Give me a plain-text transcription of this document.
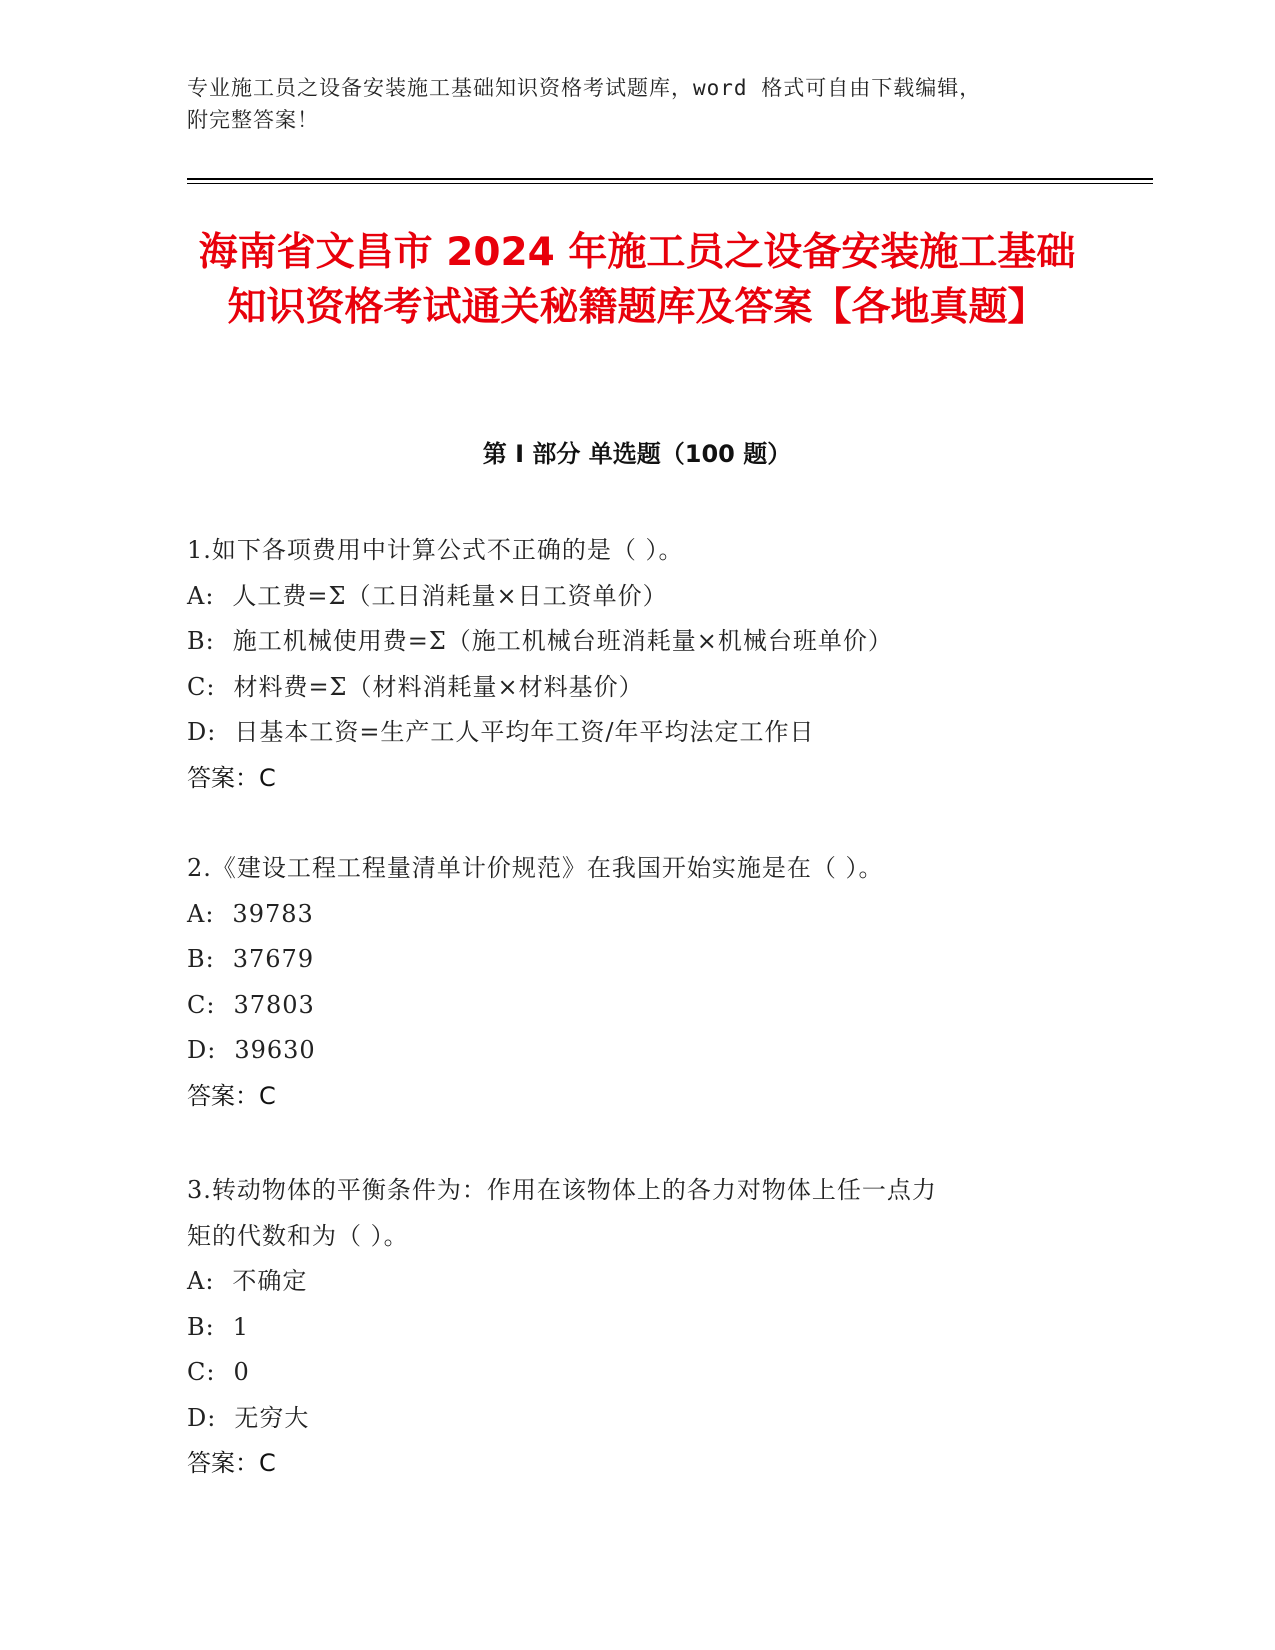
专业施工员之设备安装施工基础知识资格考试题库，word 格式可自由下载编辑，
附完整答案！
海南省文昌市 2024 年施工员之设备安装施工基础知识资格考试通关秘籍题库及答案【各地真题】
第 I 部分 单选题（100 题）

1.如下各项费用中计算公式不正确的是（ ）。

A: 人工费=Σ（工日消耗量×日工资单价）

B: 施工机械使用费=Σ（施工机械台班消耗量×机械台班单价）

C: 材料费=Σ（材料消耗量×材料基价）

D: 日基本工资=生产工人平均年工资/年平均法定工作日

答案：C

2.《建设工程工程量清单计价规范》在我国开始实施是在（ ）。

A: 39783

B: 37679

C: 37803

D: 39630

答案：C

3.转动物体的平衡条件为：作用在该物体上的各力对物体上任一点力

矩的代数和为（ ）。

A: 不确定

B: 1

C: 0

D: 无穷大

答案：C
